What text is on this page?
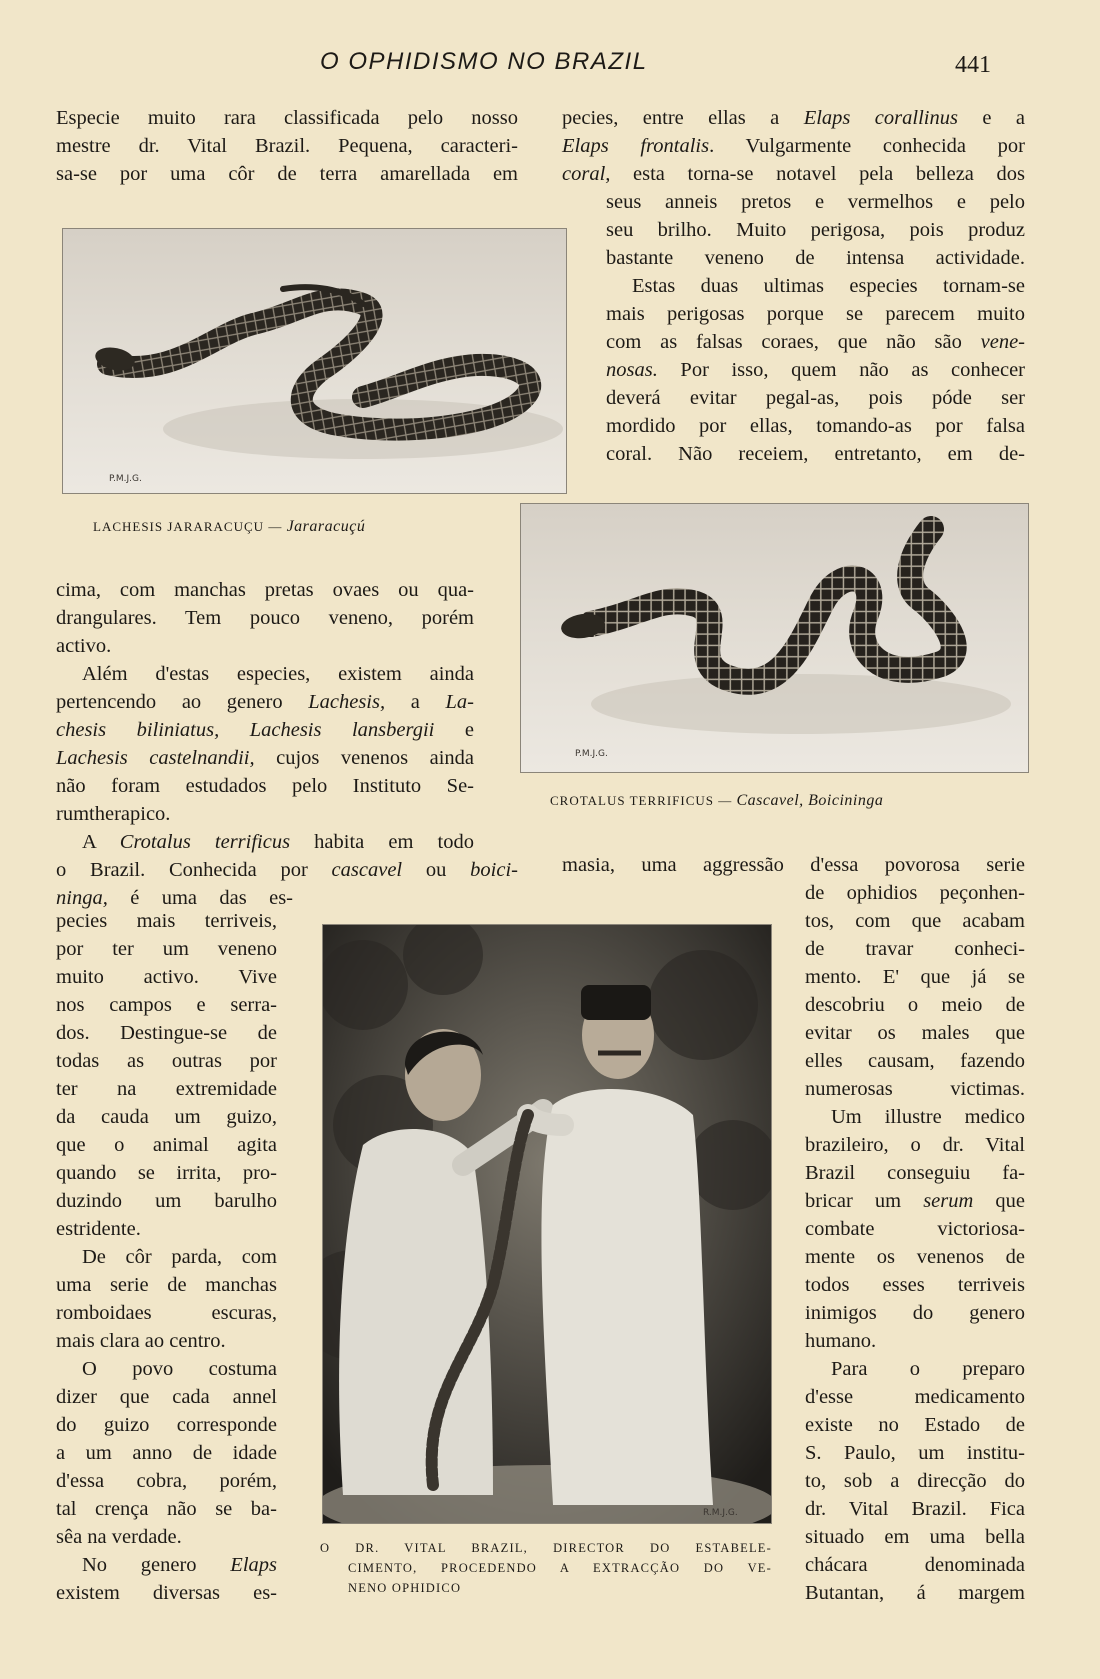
O OPHIDISMO NO BRAZIL	441
Especie muito rara classificada pelo nosso
mestre dr. Vital Brazil. Pequena, caracteri-
sa-se por uma côr de terra amarellada em
P.M.J.G.
LACHESIS JARARACUÇU — Jararacuçú
pecies, entre ellas a Elaps corallinus e a
Elaps frontalis. Vulgarmente conhecida por
coral, esta torna-se notavel pela belleza dos
seus anneis pretos e vermelhos e pelo
seu brilho. Muito perigosa, pois produz
bastante veneno de intensa actividade.
Estas duas ultimas especies tornam-se
mais perigosas porque se parecem muito
com as falsas coraes, que não são vene-
nosas. Por isso, quem não as conhecer
deverá evitar pegal-as, pois póde ser
mordido por ellas, tomando-as por falsa
coral. Não receiem, entretanto, em de-
P.M.J.G.
CROTALUS TERRIFICUS — Cascavel, Boicininga
cima, com manchas pretas ovaes ou qua-
drangulares. Tem pouco veneno, porém
activo.
Além d'estas especies, existem ainda
pertencendo ao genero Lachesis, a La-
chesis biliniatus, Lachesis lansbergii e
Lachesis castelnandii, cujos venenos ainda
não foram estudados pelo Instituto Se-
rumtherapico.
A Crotalus terrificus habita em todo
o Brazil. Conhecida por cascavel ou boici-
ninga, é uma das es-
masia, uma aggressão d'essa povorosa serie
pecies mais terriveis,
por ter um veneno
muito activo. Vive
nos campos e serra-
dos. Destingue-se de
todas as outras por
ter na extremidade
da cauda um guizo,
que o animal agita
quando se irrita, pro-
duzindo um barulho
estridente.
De côr parda, com
uma serie de manchas
romboidaes escuras,
mais clara ao centro.
O povo costuma
dizer que cada annel
do guizo corresponde
a um anno de idade
d'essa cobra, porém,
tal crença não se ba-
sêa na verdade.
No genero Elaps
existem diversas es-
R.M.J.G.
de ophidios peçonhen-
tos, com que acabam
de travar conheci-
mento. E' que já se
descobriu o meio de
evitar os males que
elles causam, fazendo
numerosas victimas.
Um illustre medico
brazileiro, o dr. Vital
Brazil conseguiu fa-
bricar um serum que
combate victoriosa-
mente os venenos de
todos esses terriveis
inimigos do genero
humano.
Para o preparo
d'esse medicamento
existe no Estado de
S. Paulo, um institu-
to, sob a direcção do
dr. Vital Brazil. Fica
situado em uma bella
chácara denominada
Butantan, á margem
O DR. VITAL BRAZIL, DIRECTOR DO ESTABELE-
CIMENTO, PROCEDENDO A EXTRACÇÃO DO VE-
NENO OPHIDICO
